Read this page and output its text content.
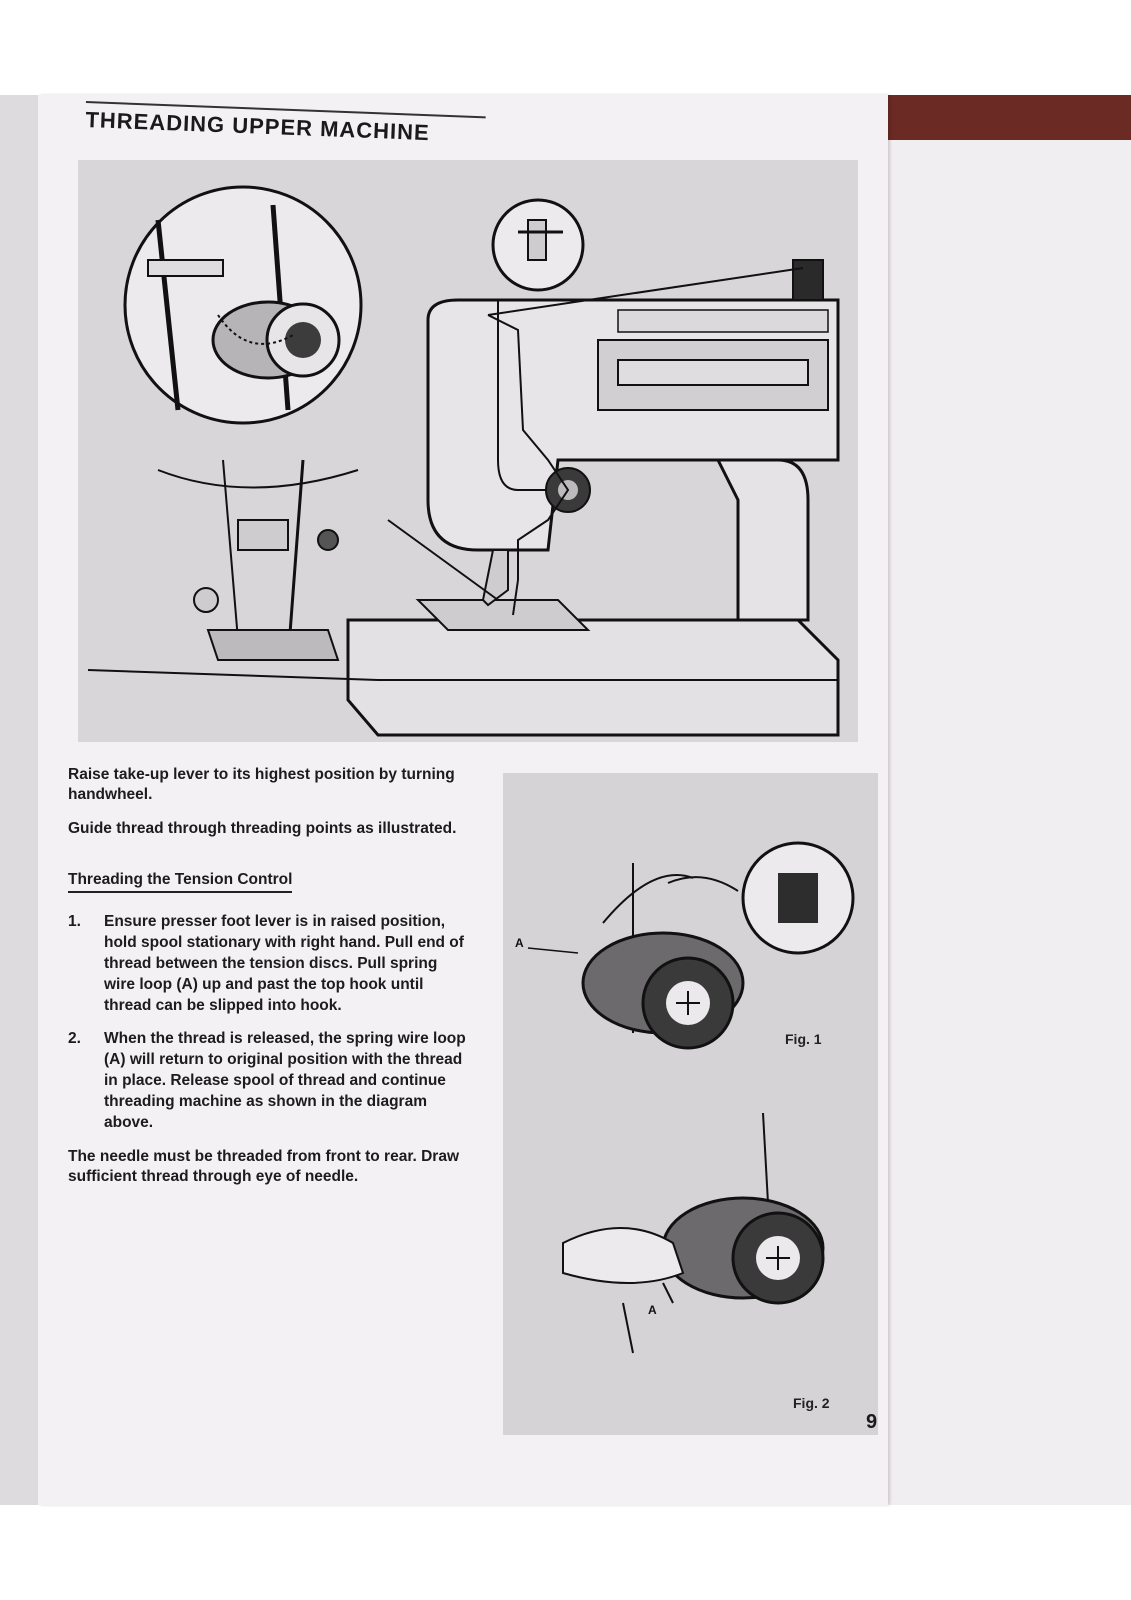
THREADING UPPER MACHINE

Raise take-up lever to its highest position by turning handwheel.

Guide thread through threading points as illustrated.

Threading the Tension Control
1.	Ensure presser foot lever is in raised position, hold spool stationary with right hand. Pull end of thread between the tension discs. Pull spring wire loop (A) up and past the top hook until thread can be slipped into hook.
2.	When the thread is released, the spring wire loop (A) will return to original position with the thread in place. Release spool of thread and continue threading machine as shown in the diagram above.

The needle must be threaded from front to rear. Draw sufficient thread through eye of needle.

A
A
Fig. 1
Fig. 2
9
